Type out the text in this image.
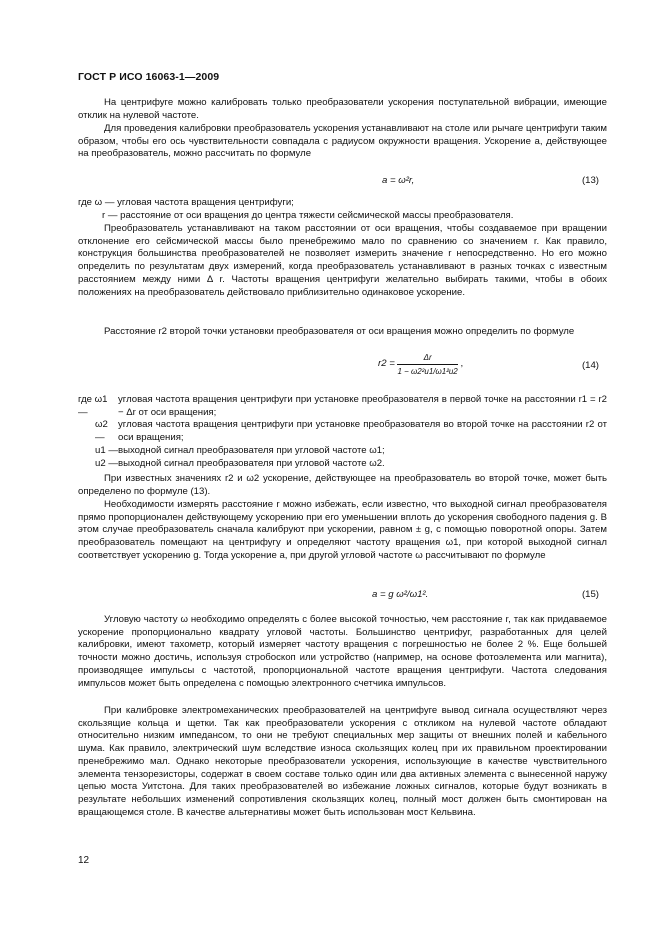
ГОСТ Р ИСО 16063-1—2009

На центрифуге можно калибровать только преобразователи ускорения поступательной вибрации, имеющие отклик на нулевой частоте.

Для проведения калибровки преобразователь ускорения устанавливают на столе или рычаге центрифуги таким образом, чтобы его ось чувствительности совпадала с радиусом окружности вращения. Ускорение a, действующее на преобразователь, можно рассчитать по формуле

a = ω²r,	(13)

где ω — угловая частота вращения центрифуги;

r — расстояние от оси вращения до центра тяжести сейсмической массы преобразователя.

Преобразователь устанавливают на таком расстоянии от оси вращения, чтобы создаваемое при вращении отклонение его сейсмической массы было пренебрежимо мало по сравнению со значением r. Как правило, конструкция большинства преобразователей не позволяет измерить значение r непосредственно. Но его можно определить по результатам двух измерений, когда преобразователь устанавливают в разных точках с известным расстоянием между ними Δ r. Частоты вращения центрифуги желательно выбирать такими, чтобы в обоих положениях на преобразователь действовало приблизительно одинаковое ускорение.

Расстояние r2 второй точки установки преобразователя от оси вращения можно определить по формуле

$r2 = \frac{\Delta r}{\text{1 − ω2²u1/ω1²u2}}$ ,	(14)
где ω1 —
угловая частота вращения центрифуги при установке преобразователя в первой точке на расстоянии r1 = r2 − Δr от оси вращения;
ω2 —
угловая частота вращения центрифуги при установке преобразователя во второй точке на расстоянии r2 от оси вращения;
u1 — выходной сигнал преобразователя при угловой частоте ω1;
u2 — выходной сигнал преобразователя при угловой частоте ω2.

При известных значениях r2 и ω2 ускорение, действующее на преобразователь во второй точке, может быть определено по формуле (13).

Необходимости измерять расстояние r можно избежать, если известно, что выходной сигнал преобразователя прямо пропорционален действующему ускорению при его уменьшении вплоть до ускорения свободного падения g. В этом случае преобразователь сначала калибруют при ускорении, равном ± g, с помощью поворотной опоры. Затем преобразователь помещают на центрифугу и определяют частоту вращения ω1, при которой выходной сигнал соответствует ускорению g. Тогда ускорение a, при другой угловой частоте ω рассчитывают по формуле

a = g ω²/ω1².	(15)

Угловую частоту ω необходимо определять с более высокой точностью, чем расстояние r, так как придаваемое ускорение пропорционально квадрату угловой частоты. Большинство центрифуг, разработанных для целей калибровки, имеют тахометр, который измеряет частоту вращения с погрешностью не более 2 %. Еще большей точности можно достичь, используя стробоскоп или устройство (например, на основе фотоэлемента или магнита), производящее импульсы с частотой, пропорциональной частоте вращения центрифуги. Частота следования импульсов может быть определена с помощью электронного счетчика импульсов.

При калибровке электромеханических преобразователей на центрифуге вывод сигнала осуществляют через скользящие кольца и щетки. Так как преобразователи ускорения с откликом на нулевой частоте обладают относительно низким импедансом, то они не требуют специальных мер защиты от внешних полей и кабельного шума. Как правило, электрический шум вследствие износа скользящих колец при их правильном проектировании пренебрежимо мал. Однако некоторые преобразователи ускорения, использующие в качестве чувствительного элемента тензорезисторы, содержат в своем составе только один или два активных элемента с вынесенной наружу цепью моста Уитстона. Для таких преобразователей во избежание ложных сигналов, которые будут возникать в результате небольших изменений сопротивления скользящих колец, полный мост должен быть смонтирован на вращающемся столе. В качестве альтернативы может быть использован мост Кельвина.

12
